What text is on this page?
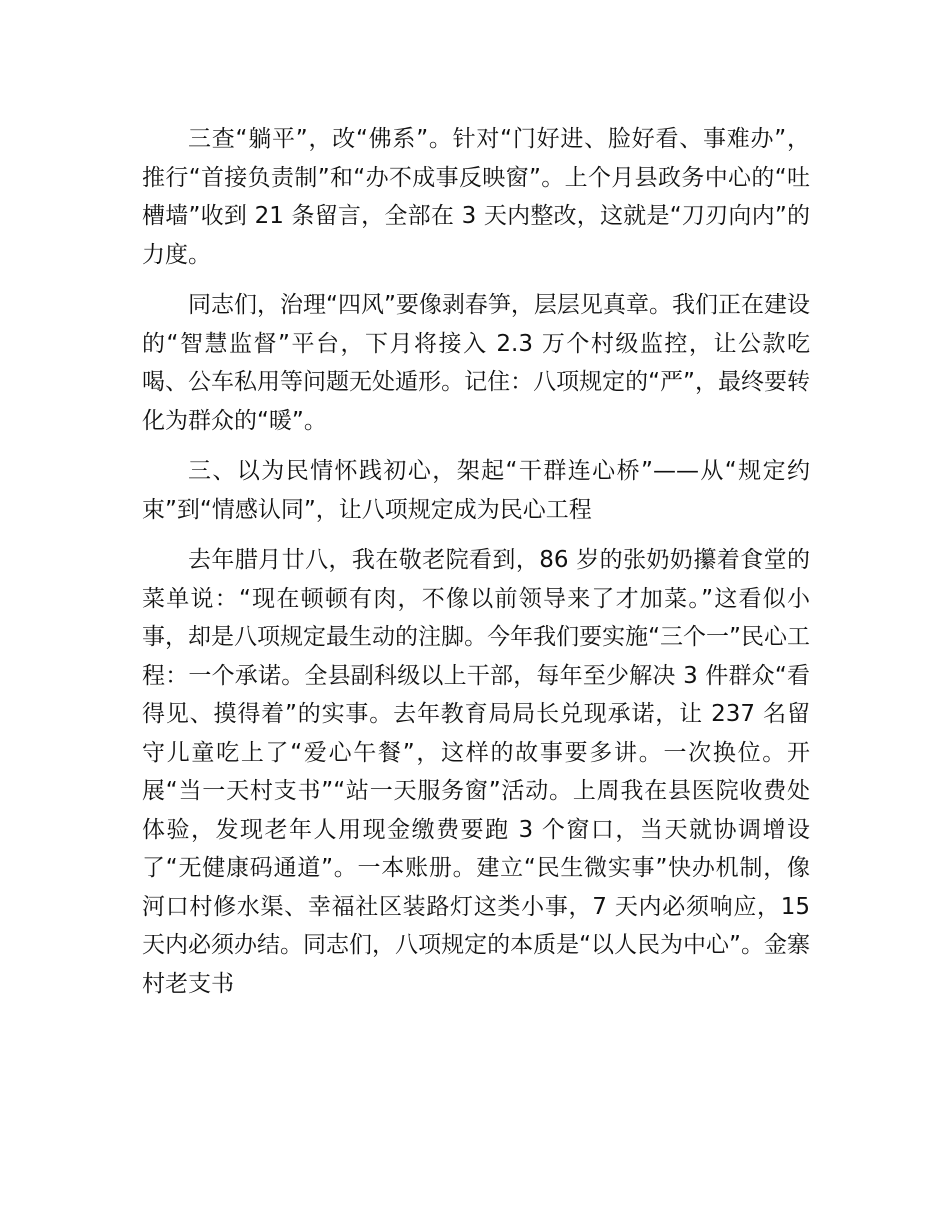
三查“躺平”，改“佛系”。针对“门好进、脸好看、事难办”，推行“首接负责制”和“办不成事反映窗”。上个月县政务中心的“吐槽墙”收到 21 条留言，全部在 3 天内整改，这就是“刀刃向内”的力度。

同志们，治理“四风”要像剥春笋，层层见真章。我们正在建设的“智慧监督”平台，下月将接入 2.3 万个村级监控，让公款吃喝、公车私用等问题无处遁形。记住：八项规定的“严”，最终要转化为群众的“暖”。

三、以为民情怀践初心，架起“干群连心桥”——从“规定约束”到“情感认同”，让八项规定成为民心工程

去年腊月廿八，我在敬老院看到，86 岁的张奶奶攥着食堂的菜单说：“现在顿顿有肉，不像以前领导来了才加菜。”这看似小事，却是八项规定最生动的注脚。今年我们要实施“三个一”民心工程：一个承诺。全县副科级以上干部，每年至少解决 3 件群众“看得见、摸得着”的实事。去年教育局局长兑现承诺，让 237 名留守儿童吃上了“爱心午餐”，这样的故事要多讲。一次换位。开展“当一天村支书”“站一天服务窗”活动。上周我在县医院收费处体验，发现老年人用现金缴费要跑 3 个窗口，当天就协调增设了“无健康码通道”。一本账册。建立“民生微实事”快办机制，像河口村修水渠、幸福社区装路灯这类小事，7 天内必须响应，15 天内必须办结。同志们，八项规定的本质是“以人民为中心”。金寨村老支书
